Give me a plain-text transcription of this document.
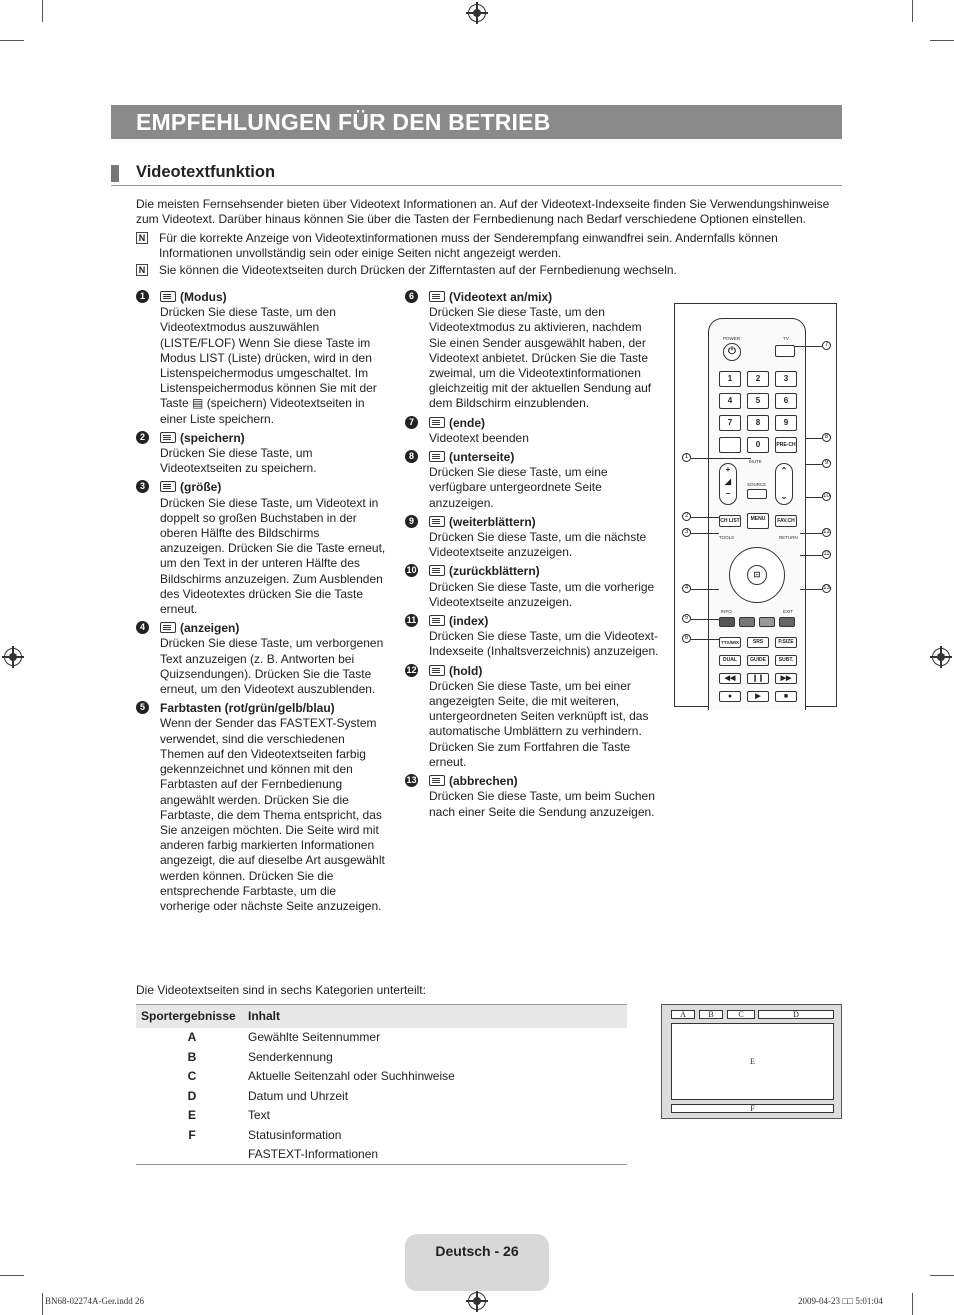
EMPFEHLUNGEN FÜR DEN BETRIEB
Videotextfunktion

Die meisten Fernsehsender bieten über Videotext Informationen an. Auf der Videotext-Indexseite finden Sie Verwendungshinweise zum Videotext. Darüber hinaus können Sie über die Tasten der Fernbedienung nach Bedarf verschiedene Optionen einstellen.

N	Für die korrekte Anzeige von Videotextinformationen muss der Senderempfang einwandfrei sein. Andernfalls können Informationen unvollständig sein oder einige Seiten nicht angezeigt werden.
N	Sie können die Videotextseiten durch Drücken der Zifferntasten auf der Fernbedienung wechseln.
1	(Modus)
Drücken Sie diese Taste, um den Videotextmodus auszuwählen (LISTE/FLOF) Wenn Sie diese Taste im Modus LIST (Liste) drücken, wird in den Listenspeichermodus umgeschaltet. Im Listenspeichermodus können Sie mit der Taste ▤ (speichern) Videotextseiten in einer Liste speichern.
2	(speichern)
Drücken Sie diese Taste, um Videotextseiten zu speichern.
3	(größe)
Drücken Sie diese Taste, um Videotext in doppelt so großen Buchstaben in der oberen Hälfte des Bildschirms anzuzeigen. Drücken Sie die Taste erneut, um den Text in der unteren Hälfte des Bildschirms anzuzeigen. Zum Ausblenden des Videotextes drücken Sie die Taste erneut.
4	(anzeigen)
Drücken Sie diese Taste, um verborgenen Text anzuzeigen (z. B. Antworten bei Quizsendungen). Drücken Sie die Taste erneut, um den Videotext auszublenden.
5	Farbtasten (rot/grün/gelb/blau)
Wenn der Sender das FASTEXT-System verwendet, sind die verschiedenen Themen auf den Videotextseiten farbig gekennzeichnet und können mit den Farbtasten auf der Fernbedienung angewählt werden. Drücken Sie die Farbtaste, die dem Thema entspricht, das Sie anzeigen möchten. Die Seite wird mit anderen farbig markierten Informationen angezeigt, die auf dieselbe Art ausgewählt werden können. Drücken Sie die entsprechende Farbtaste, um die vorherige oder nächste Seite anzuzeigen.
6	(Videotext an/mix)
Drücken Sie diese Taste, um den Videotextmodus zu aktivieren, nachdem Sie einen Sender ausgewählt haben, der Videotext anbietet. Drücken Sie die Taste zweimal, um die Videotextinformationen gleichzeitig mit der aktuellen Sendung auf dem Bildschirm einzublenden.
7	(ende)
Videotext beenden
8	(unterseite)
Drücken Sie diese Taste, um eine verfügbare untergeordnete Seite anzuzeigen.
9	(weiterblättern)
Drücken Sie diese Taste, um die nächste Videotextseite anzuzeigen.
10	(zurückblättern)
Drücken Sie diese Taste, um die vorherige Videotextseite anzuzeigen.
11	(index)
Drücken Sie diese Taste, um die Videotext-Indexseite (Inhaltsverzeichnis) anzuzeigen.
12	(hold)
Drücken Sie diese Taste, um bei einer angezeigten Seite, die mit weiteren, untergeordneten Seiten verknüpft ist, das automatische Umblättern zu verhindern. Drücken Sie zum Fortfahren die Taste erneut.
13	(abbrechen)
Drücken Sie diese Taste, um beim Suchen nach einer Seite die Sendung anzuzeigen.
POWER
⏻
TV
1	2	3
4	5	6
7	8	9
0	PRE-CH
MUTE
SOURCE
+
◢
−
⌃

⌄
CH LIST	MENU	FAV.CH
TOOLS	RETURN
⊡
INFO	EXIT
TTX/MIX	SRS	P.SIZE
DUAL	GUIDE	SUBT.
◀◀	❙❙	▶▶
●	▶	■
1
2
3
4
5
6
7
8
9
10
11
12
13

Die Videotextseiten sind in sechs Kategorien unterteilt:

Sportergebnisse	Inhalt
A	Gewählte Seitennummer
B	Senderkennung
C	Aktuelle Seitenzahl oder Suchhinweise
D	Datum und Uhrzeit
E	Text
F	Statusinformation
	FASTEXT-Informationen
A	B	C	D
E
F
Deutsch - 26
BN68-02274A-Ger.indd 26	2009-04-23 □□ 5:01:04
